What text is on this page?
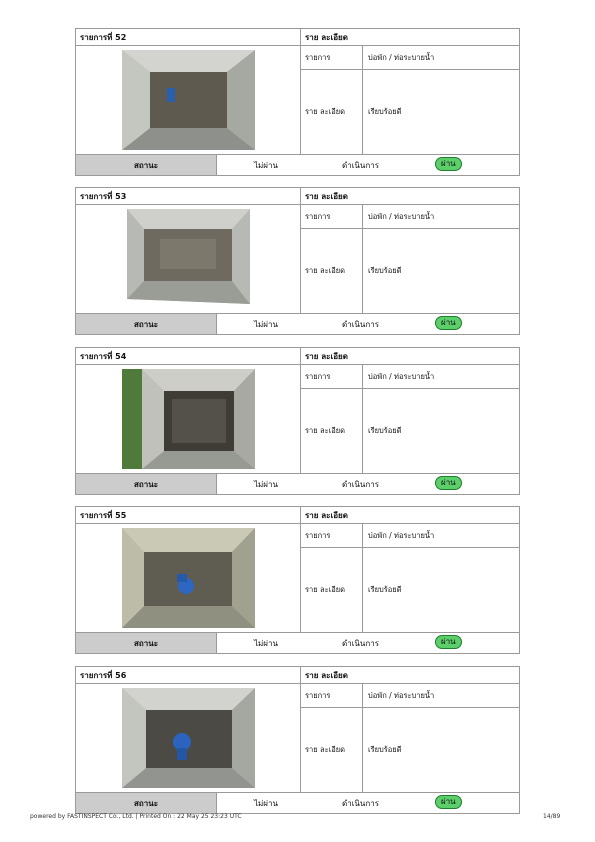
รายการที่ 52		ราย ละเอียด	

	รายการ	บ่อพัก / ท่อระบายน้ำ
		ราย ละเอียด	เรียบร้อยดี
สถานะ	ไม่ผ่าน ดำเนินการ ผ่าน		
รายการที่ 53		ราย ละเอียด	

	รายการ	บ่อพัก / ท่อระบายน้ำ
		ราย ละเอียด	เรียบร้อยดี
สถานะ	ไม่ผ่าน ดำเนินการ ผ่าน		
รายการที่ 54		ราย ละเอียด	

	รายการ	บ่อพัก / ท่อระบายน้ำ
		ราย ละเอียด	เรียบร้อยดี
สถานะ	ไม่ผ่าน ดำเนินการ ผ่าน		
รายการที่ 55		ราย ละเอียด	

	รายการ	บ่อพัก / ท่อระบายน้ำ
		ราย ละเอียด	เรียบร้อยดี
สถานะ	ไม่ผ่าน ดำเนินการ ผ่าน		
รายการที่ 56		ราย ละเอียด	

	รายการ	บ่อพัก / ท่อระบายน้ำ
		ราย ละเอียด	เรียบร้อยดี
สถานะ	ไม่ผ่าน ดำเนินการ ผ่าน		
powered by FASTINSPECT Co., Ltd. | Printed On : 22 May 25 23:23 UTC	14/89
